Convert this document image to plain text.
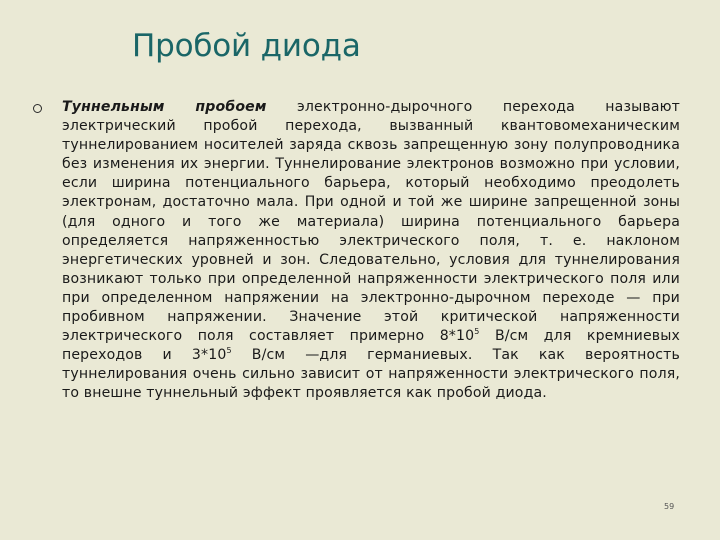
Пробой диода

Туннельным пробоем электронно-дырочного перехода называют электрический пробой перехода, вызванный квантовомеханическим туннелированием носителей заряда сквозь запрещенную зону полупроводника без изменения их энергии. Туннелирование электронов возможно при условии, если ширина потенциального барьера, который необходимо преодолеть электронам, достаточно мала. При одной и той же ширине запрещенной зоны (для одного и того же материала) ширина потенциального барьера определяется напряженностью электрического поля, т. е. наклоном энергетических уровней и зон. Следовательно, условия для туннелирования возникают только при определенной напряженности электрического поля или при определенном напряжении на электронно-дырочном переходе — при пробивном напряжении. Значение этой критической напряженности электрического поля составляет примерно $8*10^5$ В/см для кремниевых переходов и $3*10^5$ В/см —для германиевых. Так как вероятность туннелирования очень сильно зависит от напряженности электрического поля, то внешне туннельный эффект проявляется как пробой диода.

59
